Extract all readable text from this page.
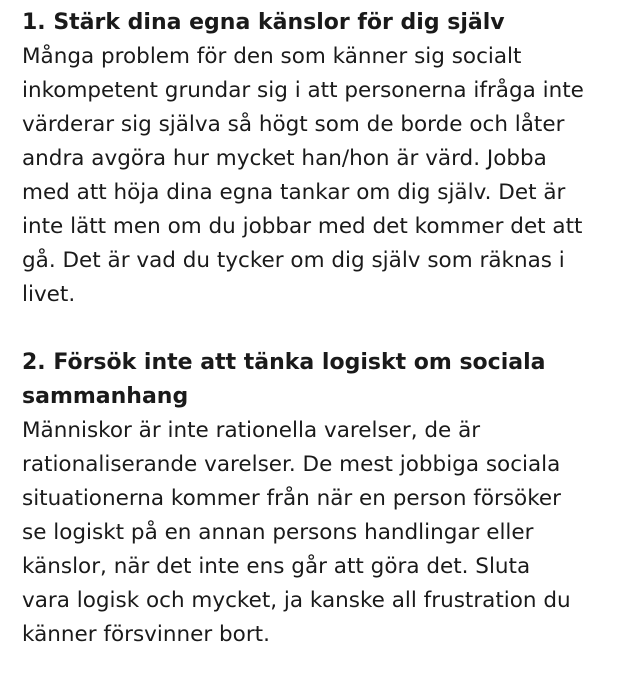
1. Stärk dina egna känslor för dig själv

Många problem för den som känner sig socialt
inkompetent grundar sig i att personerna ifråga inte
värderar sig själva så högt som de borde och låter
andra avgöra hur mycket han/hon är värd. Jobba
med att höja dina egna tankar om dig själv. Det är
inte lätt men om du jobbar med det kommer det att
gå. Det är vad du tycker om dig själv som räknas i
livet.

2. Försök inte att tänka logiskt om sociala
sammanhang

Människor är inte rationella varelser, de är
rationaliserande varelser. De mest jobbiga sociala
situationerna kommer från när en person försöker
se logiskt på en annan persons handlingar eller
känslor, när det inte ens går att göra det. Sluta
vara logisk och mycket, ja kanske all frustration du
känner försvinner bort.
